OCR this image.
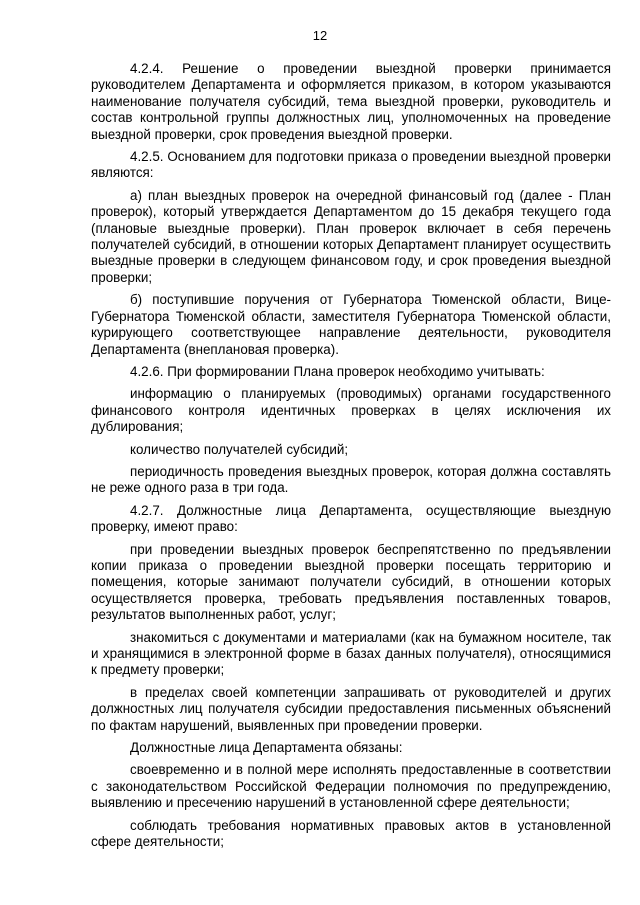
12

4.2.4. Решение о проведении выездной проверки принимается руководителем Департамента и оформляется приказом, в котором указываются наименование получателя субсидий, тема выездной проверки, руководитель и состав контрольной группы должностных лиц, уполномоченных на проведение выездной проверки, срок проведения выездной проверки.

4.2.5. Основанием для подготовки приказа о проведении выездной проверки являются:

а) план выездных проверок на очередной финансовый год (далее - План проверок), который утверждается Департаментом до 15 декабря текущего года (плановые выездные проверки). План проверок включает в себя перечень получателей субсидий, в отношении которых Департамент планирует осуществить выездные проверки в следующем финансовом году, и срок проведения выездной проверки;

б) поступившие поручения от Губернатора Тюменской области, Вице-Губернатора Тюменской области, заместителя Губернатора Тюменской области, курирующего соответствующее направление деятельности, руководителя Департамента (внеплановая проверка).

4.2.6. При формировании Плана проверок необходимо учитывать:

информацию о планируемых (проводимых) органами государственного финансового контроля идентичных проверках в целях исключения их дублирования;

количество получателей субсидий;

периодичность проведения выездных проверок, которая должна составлять не реже одного раза в три года.

4.2.7. Должностные лица Департамента, осуществляющие выездную проверку, имеют право:

при проведении выездных проверок беспрепятственно по предъявлении копии приказа о проведении выездной проверки посещать территорию и помещения, которые занимают получатели субсидий, в отношении которых осуществляется проверка, требовать предъявления поставленных товаров, результатов выполненных работ, услуг;

знакомиться с документами и материалами (как на бумажном носителе, так и хранящимися в электронной форме в базах данных получателя), относящимися к предмету проверки;

в пределах своей компетенции запрашивать от руководителей и других должностных лиц получателя субсидии предоставления письменных объяснений по фактам нарушений, выявленных при проведении проверки.

Должностные лица Департамента обязаны:

своевременно и в полной мере исполнять предоставленные в соответствии с законодательством Российской Федерации полномочия по предупреждению, выявлению и пресечению нарушений в установленной сфере деятельности;

соблюдать требования нормативных правовых актов в установленной сфере деятельности;
